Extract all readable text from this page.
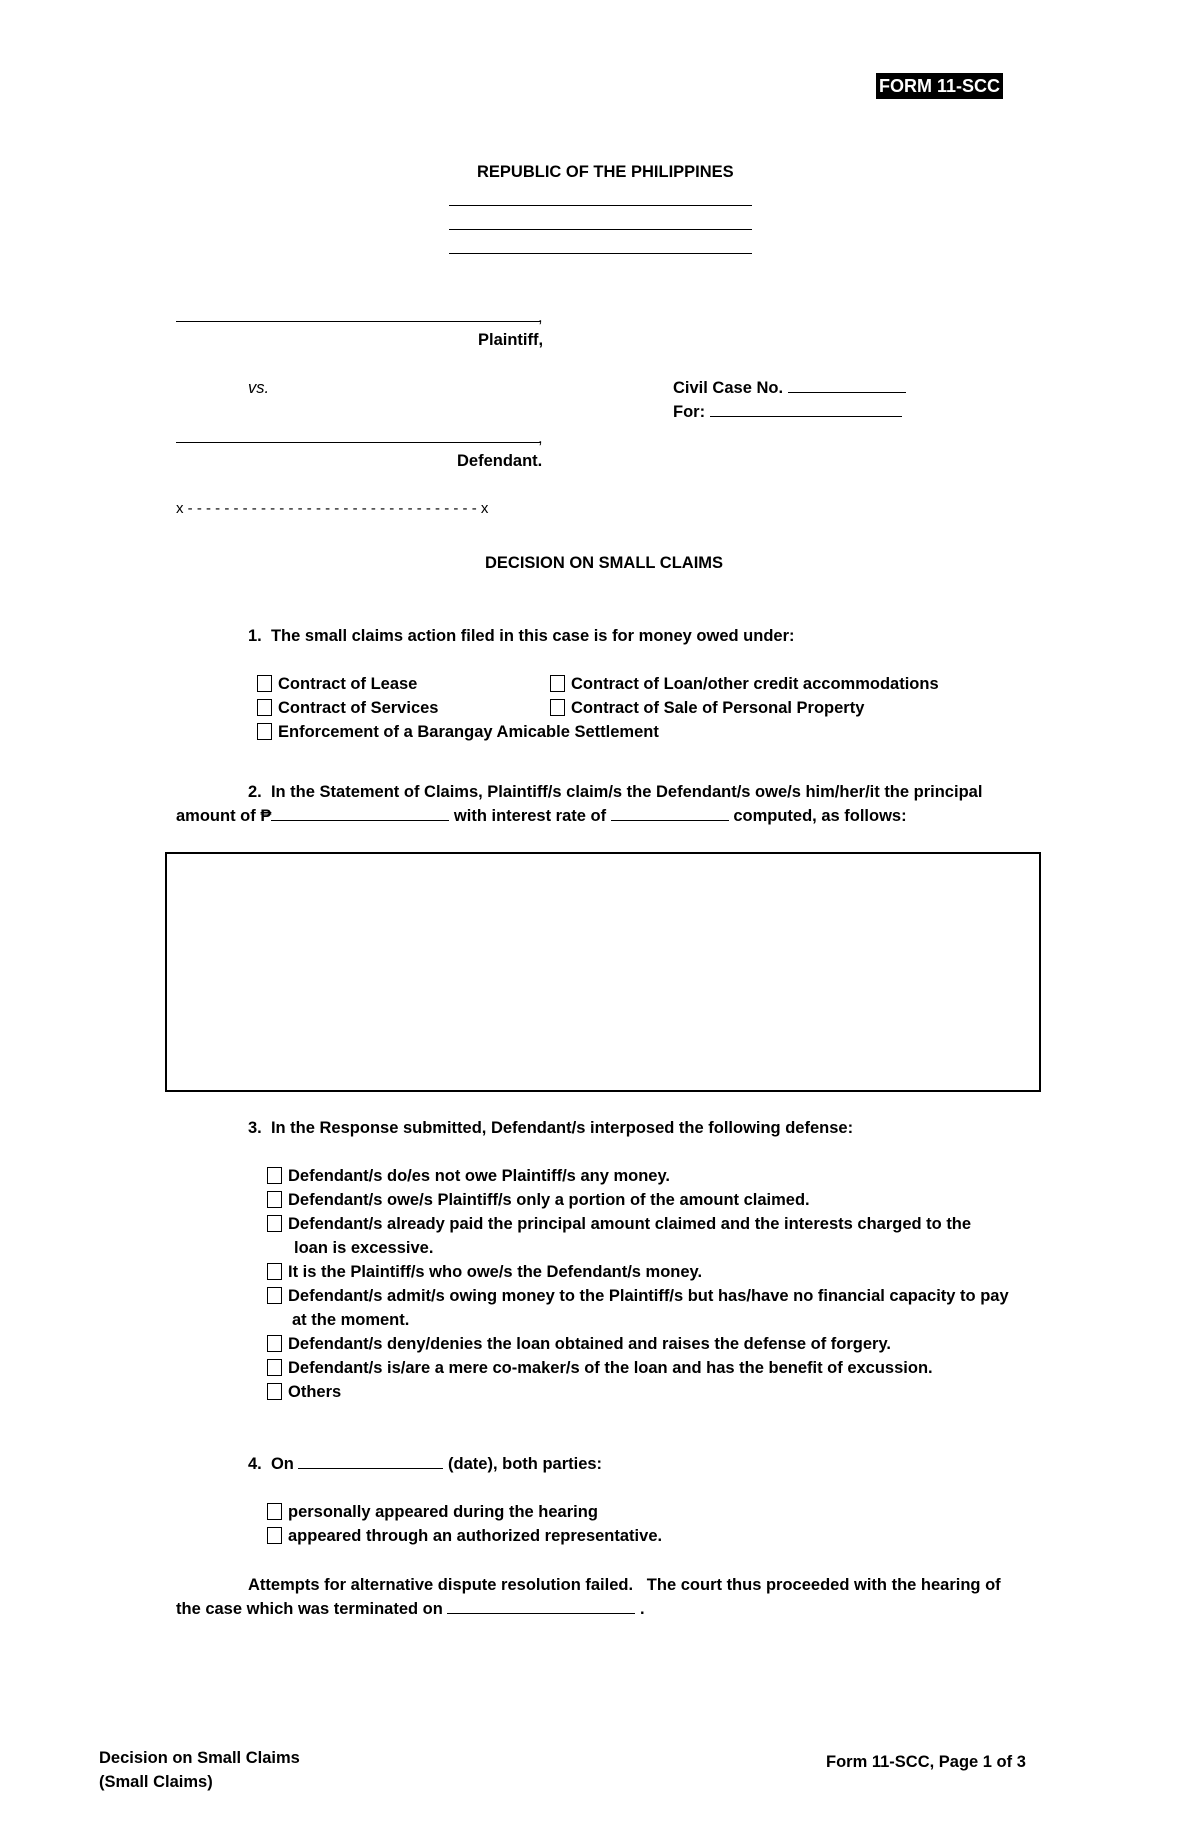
FORM 11-SCC
REPUBLIC OF THE PHILIPPINES
,
Plaintiff,
vs.	Civil Case No.
For:
,
Defendant.
x - - - - - - - - - - - - - - - - - - - - - - - - - - - - - - - - x
DECISION ON SMALL CLAIMS
1. The small claims action filed in this case is for money owed under:
Contract of Lease	Contract of Loan/other credit accommodations
Contract of Services	Contract of Sale of Personal Property
Enforcement of a Barangay Amicable Settlement
2. In the Statement of Claims, Plaintiff/s claim/s the Defendant/s owe/s him/her/it the principal
amount of ₱	with interest rate of	computed, as follows:
3. In the Response submitted, Defendant/s interposed the following defense:
Defendant/s do/es not owe Plaintiff/s any money.
Defendant/s owe/s Plaintiff/s only a portion of the amount claimed.
Defendant/s already paid the principal amount claimed and the interests charged to the
loan is excessive.
It is the Plaintiff/s who owe/s the Defendant/s money.
Defendant/s admit/s owing money to the Plaintiff/s but has/have no financial capacity to pay
at the moment.
Defendant/s deny/denies the loan obtained and raises the defense of forgery.
Defendant/s is/are a mere co-maker/s of the loan and has the benefit of excussion.
Others
4. On	(date), both parties:
personally appeared during the hearing
appeared through an authorized representative.
Attempts for alternative dispute resolution failed.   The court thus proceeded with the hearing of
the case which was terminated on	.
Decision on Small Claims
(Small Claims)
Form 11-SCC, Page 1 of 3
